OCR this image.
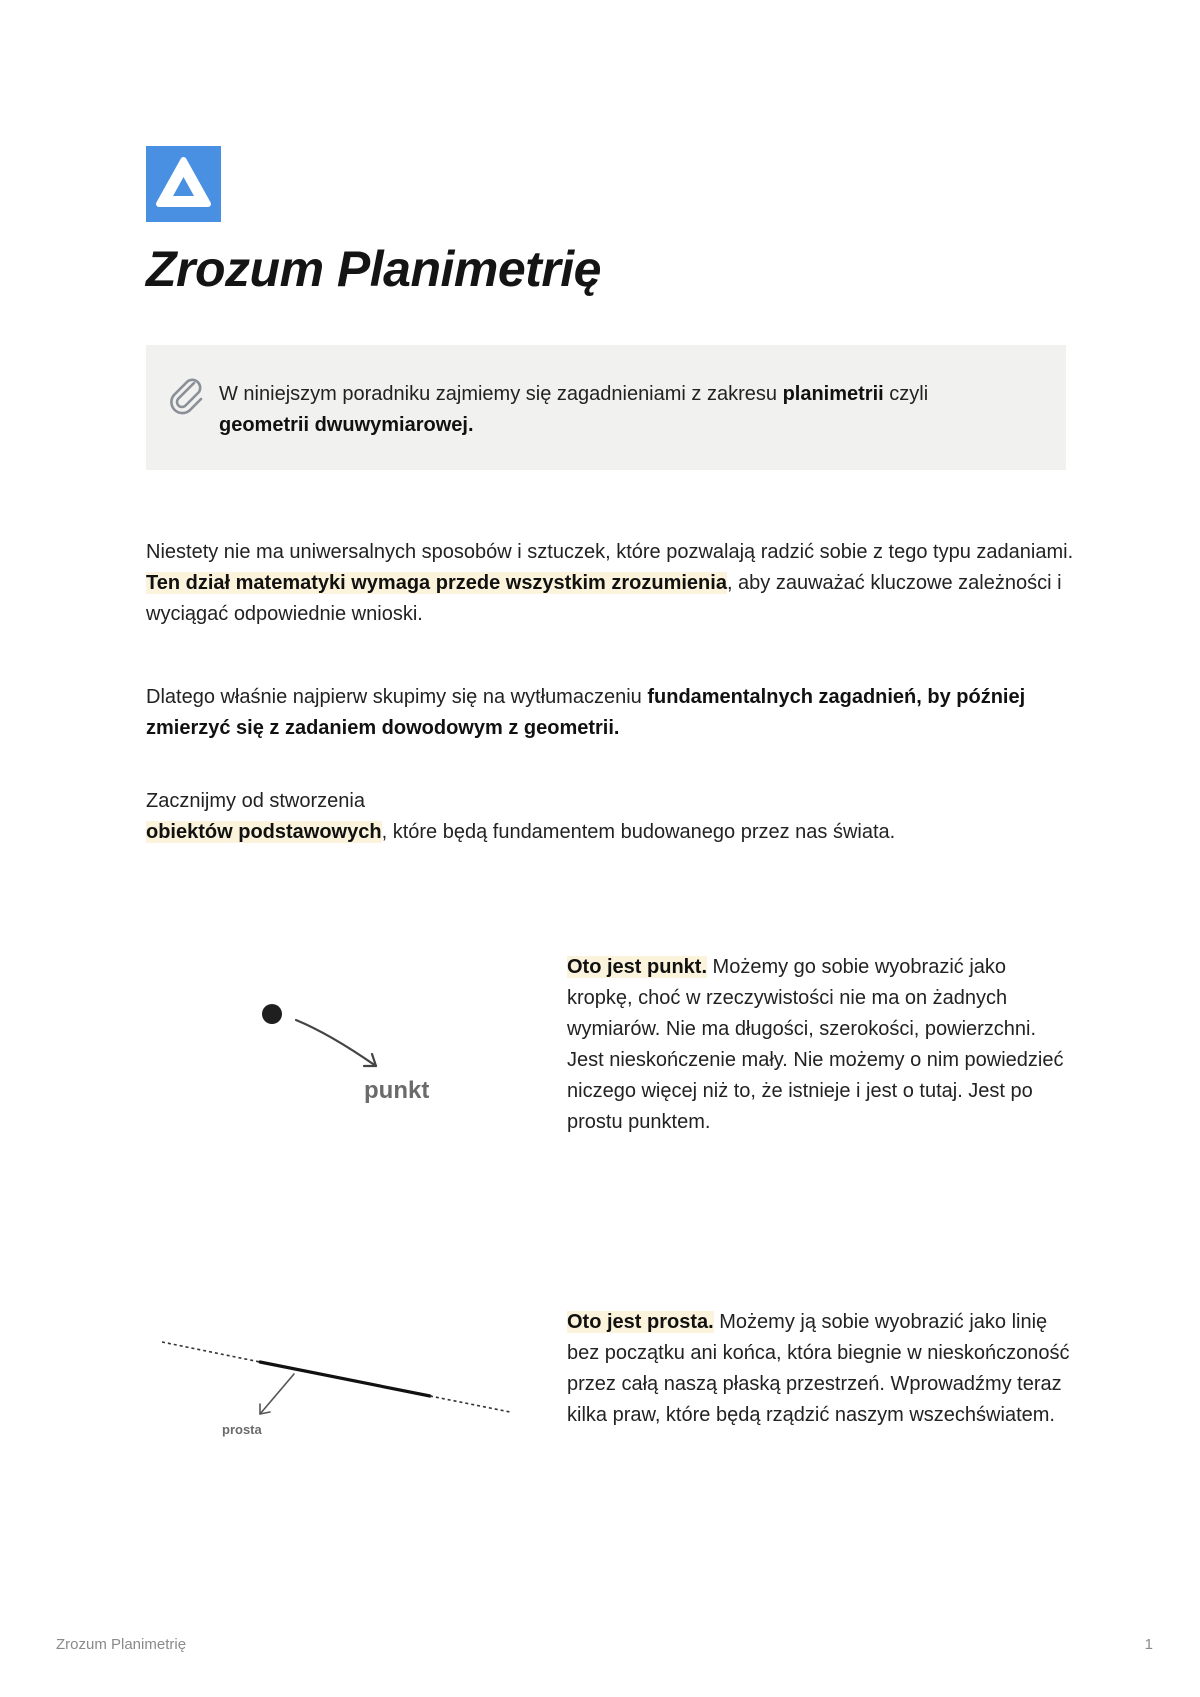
Zrozum Planimetrię
W niniejszym poradniku zajmiemy się zagadnieniami z zakresu planimetrii czyli geometrii dwuwymiarowej.

Niestety nie ma uniwersalnych sposobów i sztuczek, które pozwalają radzić sobie z tego typu zadaniami. Ten dział matematyki wymaga przede wszystkim zrozumienia, aby zauważać kluczowe zależności i wyciągać odpowiednie wnioski.

Dlatego właśnie najpierw skupimy się na wytłumaczeniu fundamentalnych zagadnień, by później zmierzyć się z zadaniem dowodowym z geometrii.

Zacznijmy od stworzenia
obiektów podstawowych, które będą fundamentem budowanego przez nas świata.

punkt

Oto jest punkt. Możemy go sobie wyobrazić jako kropkę, choć w rzeczywistości nie ma on żadnych wymiarów. Nie ma długości, szerokości, powierzchni. Jest nieskończenie mały. Nie możemy o nim powiedzieć niczego więcej niż to, że istnieje i jest o tutaj. Jest po prostu punktem.

prosta

Oto jest prosta. Możemy ją sobie wyobrazić jako linię bez początku ani końca, która biegnie w nieskończoność przez całą naszą płaską przestrzeń. Wprowadźmy teraz kilka praw, które będą rządzić naszym wszechświatem.

Zrozum Planimetrię	1
